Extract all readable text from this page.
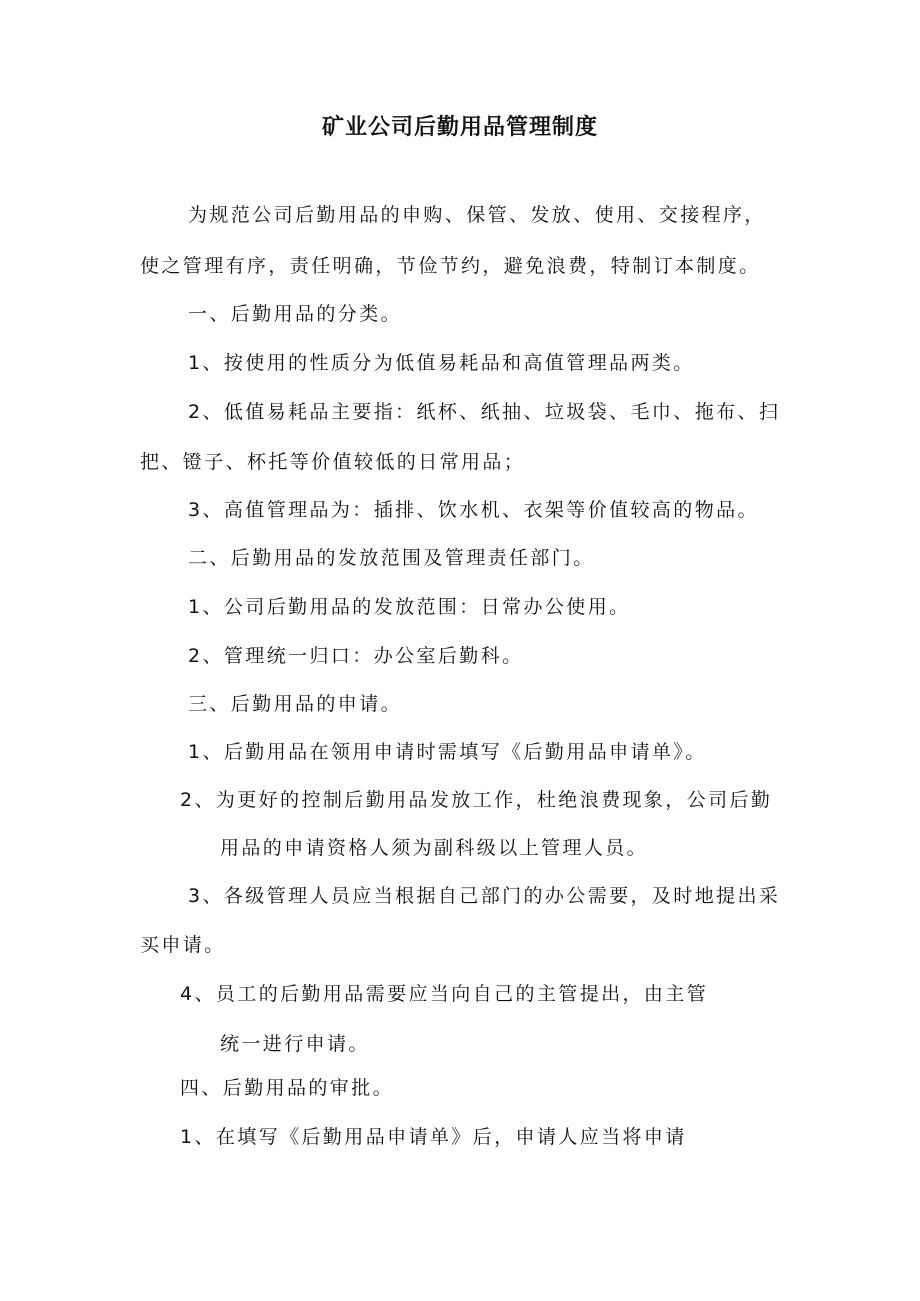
矿业公司后勤用品管理制度
为规范公司后勤用品的申购、保管、发放、使用、交接程序，
使之管理有序，责任明确，节俭节约，避免浪费，特制订本制度。
一、后勤用品的分类。
1、按使用的性质分为低值易耗品和高值管理品两类。
2、低值易耗品主要指：纸杯、纸抽、垃圾袋、毛巾、拖布、扫
把、镫子、杯托等价值较低的日常用品；
3、高值管理品为：插排、饮水机、衣架等价值较高的物品。
二、后勤用品的发放范围及管理责任部门。
1、公司后勤用品的发放范围：日常办公使用。
2、管理统一归口：办公室后勤科。
三、后勤用品的申请。
1、后勤用品在领用申请时需填写《后勤用品申请单》。
2、为更好的控制后勤用品发放工作，杜绝浪费现象，公司后勤
用品的申请资格人须为副科级以上管理人员。
3、各级管理人员应当根据自己部门的办公需要，及时地提出采
买申请。
4、员工的后勤用品需要应当向自己的主管提出，由主管
统一进行申请。
四、后勤用品的审批。
1、在填写《后勤用品申请单》后，申请人应当将申请
